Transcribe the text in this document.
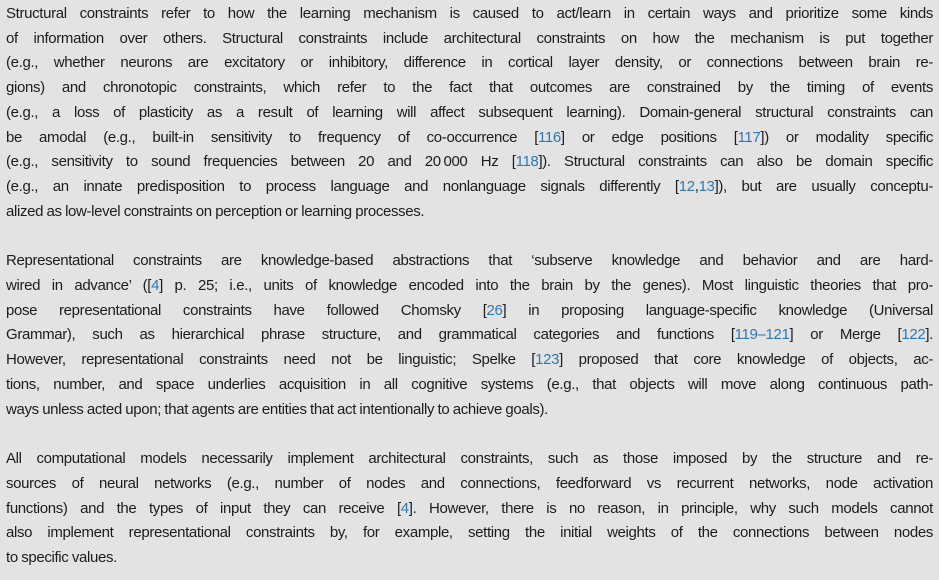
Structural constraints refer to how the learning mechanism is caused to act/learn in certain ways and prioritize some kinds
of information over others. Structural constraints include architectural constraints on how the mechanism is put together
(e.g., whether neurons are excitatory or inhibitory, difference in cortical layer density, or connections between brain re-
gions) and chronotopic constraints, which refer to the fact that outcomes are constrained by the timing of events
(e.g., a loss of plasticity as a result of learning will affect subsequent learning). Domain-general structural constraints can
be amodal (e.g., built-in sensitivity to frequency of co-occurrence [116] or edge positions [117]) or modality specific
(e.g., sensitivity to sound frequencies between 20 and 20 000 Hz [118]). Structural constraints can also be domain specific
(e.g., an innate predisposition to process language and nonlanguage signals differently [12,13]), but are usually conceptu-
alized as low-level constraints on perception or learning processes.
Representational constraints are knowledge-based abstractions that ‘subserve knowledge and behavior and are hard-
wired in advance’ ([4] p. 25; i.e., units of knowledge encoded into the brain by the genes). Most linguistic theories that pro-
pose representational constraints have followed Chomsky [26] in proposing language-specific knowledge (Universal
Grammar), such as hierarchical phrase structure, and grammatical categories and functions [119–121] or Merge [122].
However, representational constraints need not be linguistic; Spelke [123] proposed that core knowledge of objects, ac-
tions, number, and space underlies acquisition in all cognitive systems (e.g., that objects will move along continuous path-
ways unless acted upon; that agents are entities that act intentionally to achieve goals).
All computational models necessarily implement architectural constraints, such as those imposed by the structure and re-
sources of neural networks (e.g., number of nodes and connections, feedforward vs recurrent networks, node activation
functions) and the types of input they can receive [4]. However, there is no reason, in principle, why such models cannot
also implement representational constraints by, for example, setting the initial weights of the connections between nodes
to specific values.
